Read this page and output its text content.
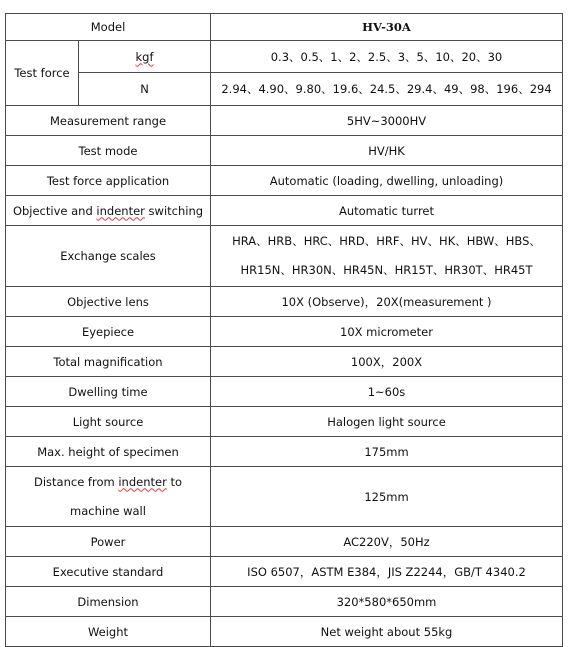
Model		HV-30A
Test force	kgf	0.3、0.5、1、2、2.5、3、5、10、20、30
	N	2.94、4.90、9.80、19.6、24.5、29.4、49、98、196、294
Measurement range		5HV~3000HV
Test mode		HV/HK
Test force application		Automatic (loading, dwelling, unloading)
Objective and indenter switching		Automatic turret
Exchange scales		HRA、HRB、HRC、HRD、HRF、HV、HK、HBW、HBS、
HR15N、HR30N、HR45N、HR15T、HR30T、HR45T

Objective lens		10X (Observe)，20X(measurement )
Eyepiece		10X micrometer
Total magnification		100X，200X
Dwelling time		1~60s
Light source		Halogen light source
Max. height of specimen		175mm

Distance from indenter to
machine wall		125mm
Power		AC220V，50Hz
Executive standard		ISO 6507，ASTM E384，JIS Z2244，GB/T 4340.2
Dimension		320*580*650mm
Weight		Net weight about 55kg
